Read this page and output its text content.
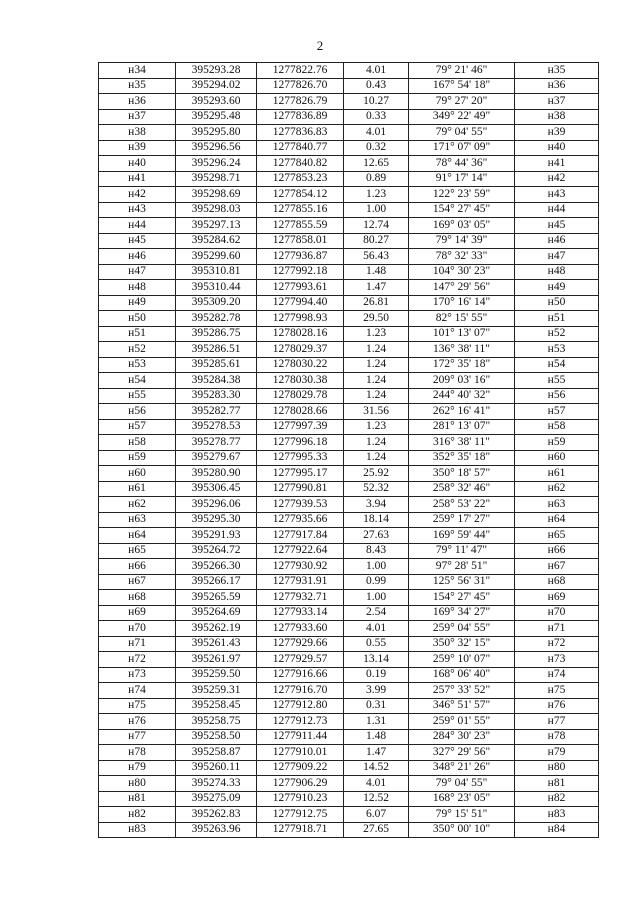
2
н34	395293.28	1277822.76	4.01	79° 21' 46"	н35
н35	395294.02	1277826.70	0.43	167° 54' 18"	н36
н36	395293.60	1277826.79	10.27	79° 27' 20"	н37
н37	395295.48	1277836.89	0.33	349° 22' 49"	н38
н38	395295.80	1277836.83	4.01	79° 04' 55"	н39
н39	395296.56	1277840.77	0.32	171° 07' 09"	н40
н40	395296.24	1277840.82	12.65	78° 44' 36"	н41
н41	395298.71	1277853.23	0.89	91° 17' 14"	н42
н42	395298.69	1277854.12	1.23	122° 23' 59"	н43
н43	395298.03	1277855.16	1.00	154° 27' 45"	н44
н44	395297.13	1277855.59	12.74	169° 03' 05"	н45
н45	395284.62	1277858.01	80.27	79° 14' 39"	н46
н46	395299.60	1277936.87	56.43	78° 32' 33"	н47
н47	395310.81	1277992.18	1.48	104° 30' 23"	н48
н48	395310.44	1277993.61	1.47	147° 29' 56"	н49
н49	395309.20	1277994.40	26.81	170° 16' 14"	н50
н50	395282.78	1277998.93	29.50	82° 15' 55"	н51
н51	395286.75	1278028.16	1.23	101° 13' 07"	н52
н52	395286.51	1278029.37	1.24	136° 38' 11"	н53
н53	395285.61	1278030.22	1.24	172° 35' 18"	н54
н54	395284.38	1278030.38	1.24	209° 03' 16"	н55
н55	395283.30	1278029.78	1.24	244° 40' 32"	н56
н56	395282.77	1278028.66	31.56	262° 16' 41"	н57
н57	395278.53	1277997.39	1.23	281° 13' 07"	н58
н58	395278.77	1277996.18	1.24	316° 38' 11"	н59
н59	395279.67	1277995.33	1.24	352° 35' 18"	н60
н60	395280.90	1277995.17	25.92	350° 18' 57"	н61
н61	395306.45	1277990.81	52.32	258° 32' 46"	н62
н62	395296.06	1277939.53	3.94	258° 53' 22"	н63
н63	395295.30	1277935.66	18.14	259° 17' 27"	н64
н64	395291.93	1277917.84	27.63	169° 59' 44"	н65
н65	395264.72	1277922.64	8.43	79° 11' 47"	н66
н66	395266.30	1277930.92	1.00	97° 28' 51"	н67
н67	395266.17	1277931.91	0.99	125° 56' 31"	н68
н68	395265.59	1277932.71	1.00	154° 27' 45"	н69
н69	395264.69	1277933.14	2.54	169° 34' 27"	н70
н70	395262.19	1277933.60	4.01	259° 04' 55"	н71
н71	395261.43	1277929.66	0.55	350° 32' 15"	н72
н72	395261.97	1277929.57	13.14	259° 10' 07"	н73
н73	395259.50	1277916.66	0.19	168° 06' 40"	н74
н74	395259.31	1277916.70	3.99	257° 33' 52"	н75
н75	395258.45	1277912.80	0.31	346° 51' 57"	н76
н76	395258.75	1277912.73	1.31	259° 01' 55"	н77
н77	395258.50	1277911.44	1.48	284° 30' 23"	н78
н78	395258.87	1277910.01	1.47	327° 29' 56"	н79
н79	395260.11	1277909.22	14.52	348° 21' 26"	н80
н80	395274.33	1277906.29	4.01	79° 04' 55"	н81
н81	395275.09	1277910.23	12.52	168° 23' 05"	н82
н82	395262.83	1277912.75	6.07	79° 15' 51"	н83
н83	395263.96	1277918.71	27.65	350° 00' 10"	н84
